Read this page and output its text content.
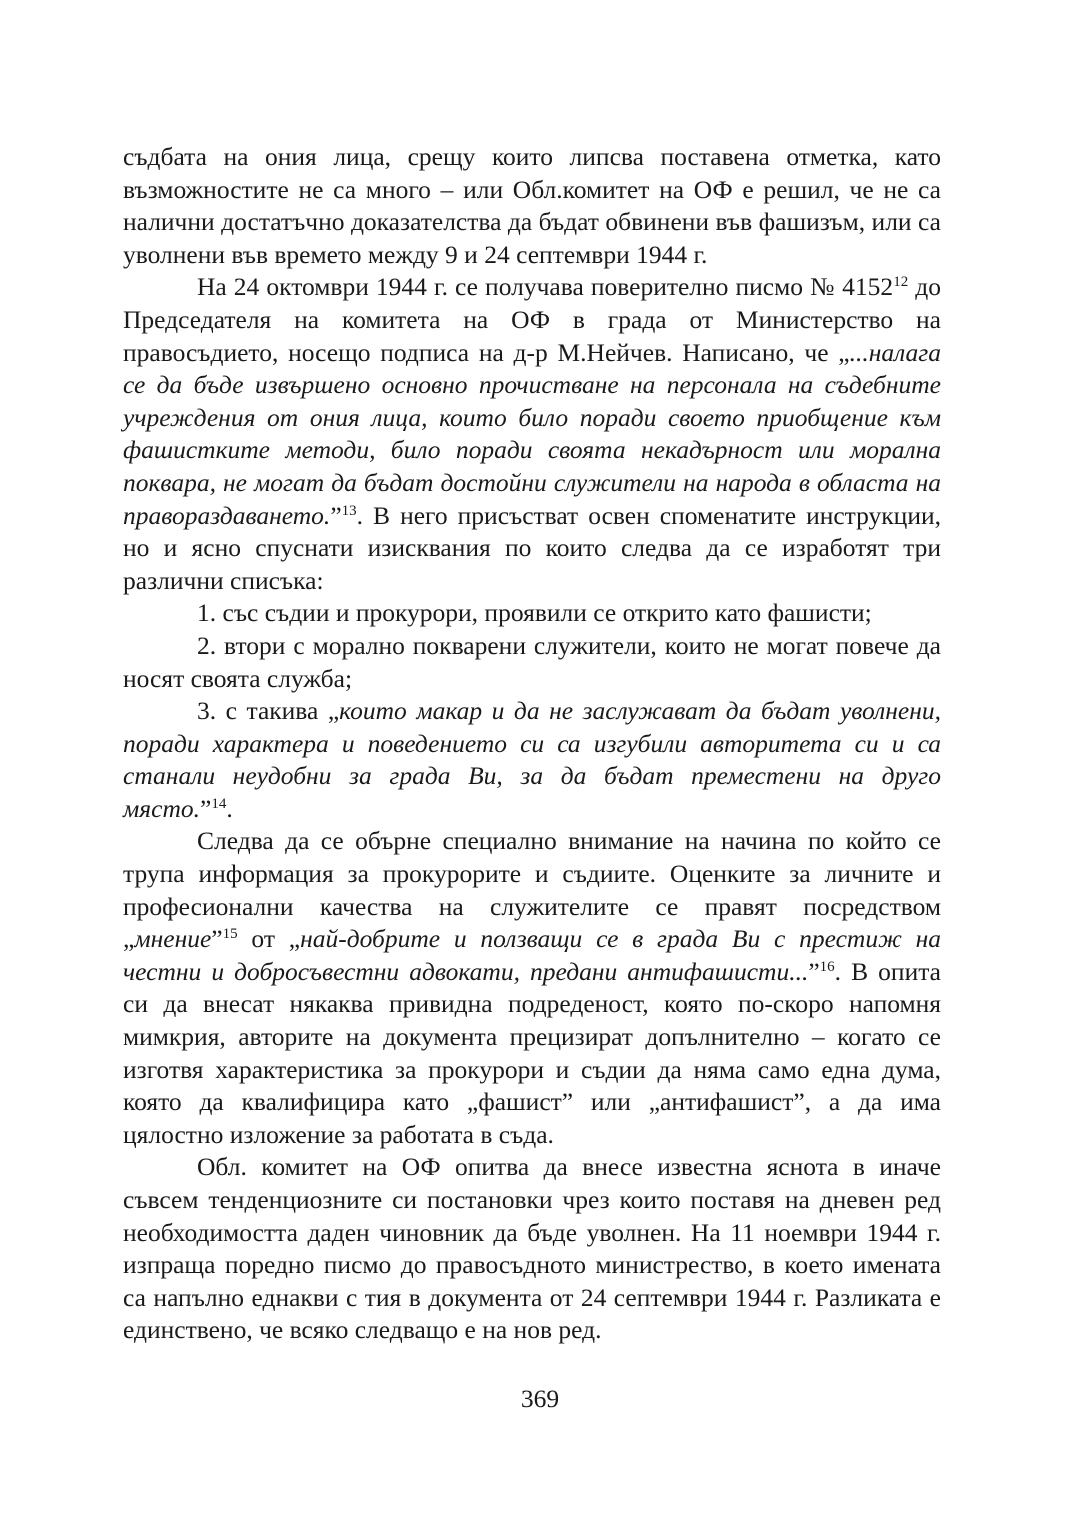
съдбата на ония лица, срещу които липсва поставена отметка, като възможностите не са много – или Обл.комитет на ОФ е решил, че не са налични достатъчно доказателства да бъдат обвинени във фашизъм, или са уволнени във времето между 9 и 24 септември 1944 г.

На 24 октомври 1944 г. се получава поверително писмо № 4152$^{12}$ до Председателя на комитета на ОФ в града от Министерство на правосъдието, носещо подписа на д-р М.Нейчев. Написано, че „...налага се да бъде извършено основно прочистване на персонала на съдебните учреждения от ония лица, които било поради своето приобщение към фашистките методи, било поради своята некадърност или морална поквара, не могат да бъдат достойни служители на народа в областа на правораздаването.”$^{13}$. В него присъстват освен споменатите инструкции, но и ясно спуснати изисквания по които следва да се изработят три различни списъка:

1. със съдии и прокурори, проявили се открито като фашисти;

2. втори с морално покварени служители, които не могат повече да носят своята служба;

3. с такива „които макар и да не заслужават да бъдат уволнени, поради характера и поведението си са изгубили авторитета си и са станали неудобни за града Ви, за да бъдат преместени на друго място.”$^{14}$.

Следва да се обърне специално внимание на начина по който се трупа информация за прокурорите и съдиите. Оценките за личните и професионални качества на служителите се правят посредством „мнение”$^{15}$ от „най-добрите и ползващи се в града Ви с престиж на честни и добросъвестни адвокати, предани антифашисти...”$^{16}$. В опита си да внесат някаква привидна подреденост, която по-скоро напомня мимкрия, авторите на документа прецизират допълнително – когато се изготвя характеристика за прокурори и съдии да няма само една дума, която да квалифицира като „фашист” или „антифашист”, а да има цялостно изложение за работата в съда.

Обл. комитет на ОФ опитва да внесе известна яснота в иначе съвсем тенденциозните си постановки чрез които поставя на дневен ред необходимостта даден чиновник да бъде уволнен. На 11 ноември 1944 г. изпраща поредно писмо до правосъдното министрество, в което имената са напълно еднакви с тия в документа от 24 септември 1944 г. Разликата е единствено, че всяко следващо е на нов ред.

369
